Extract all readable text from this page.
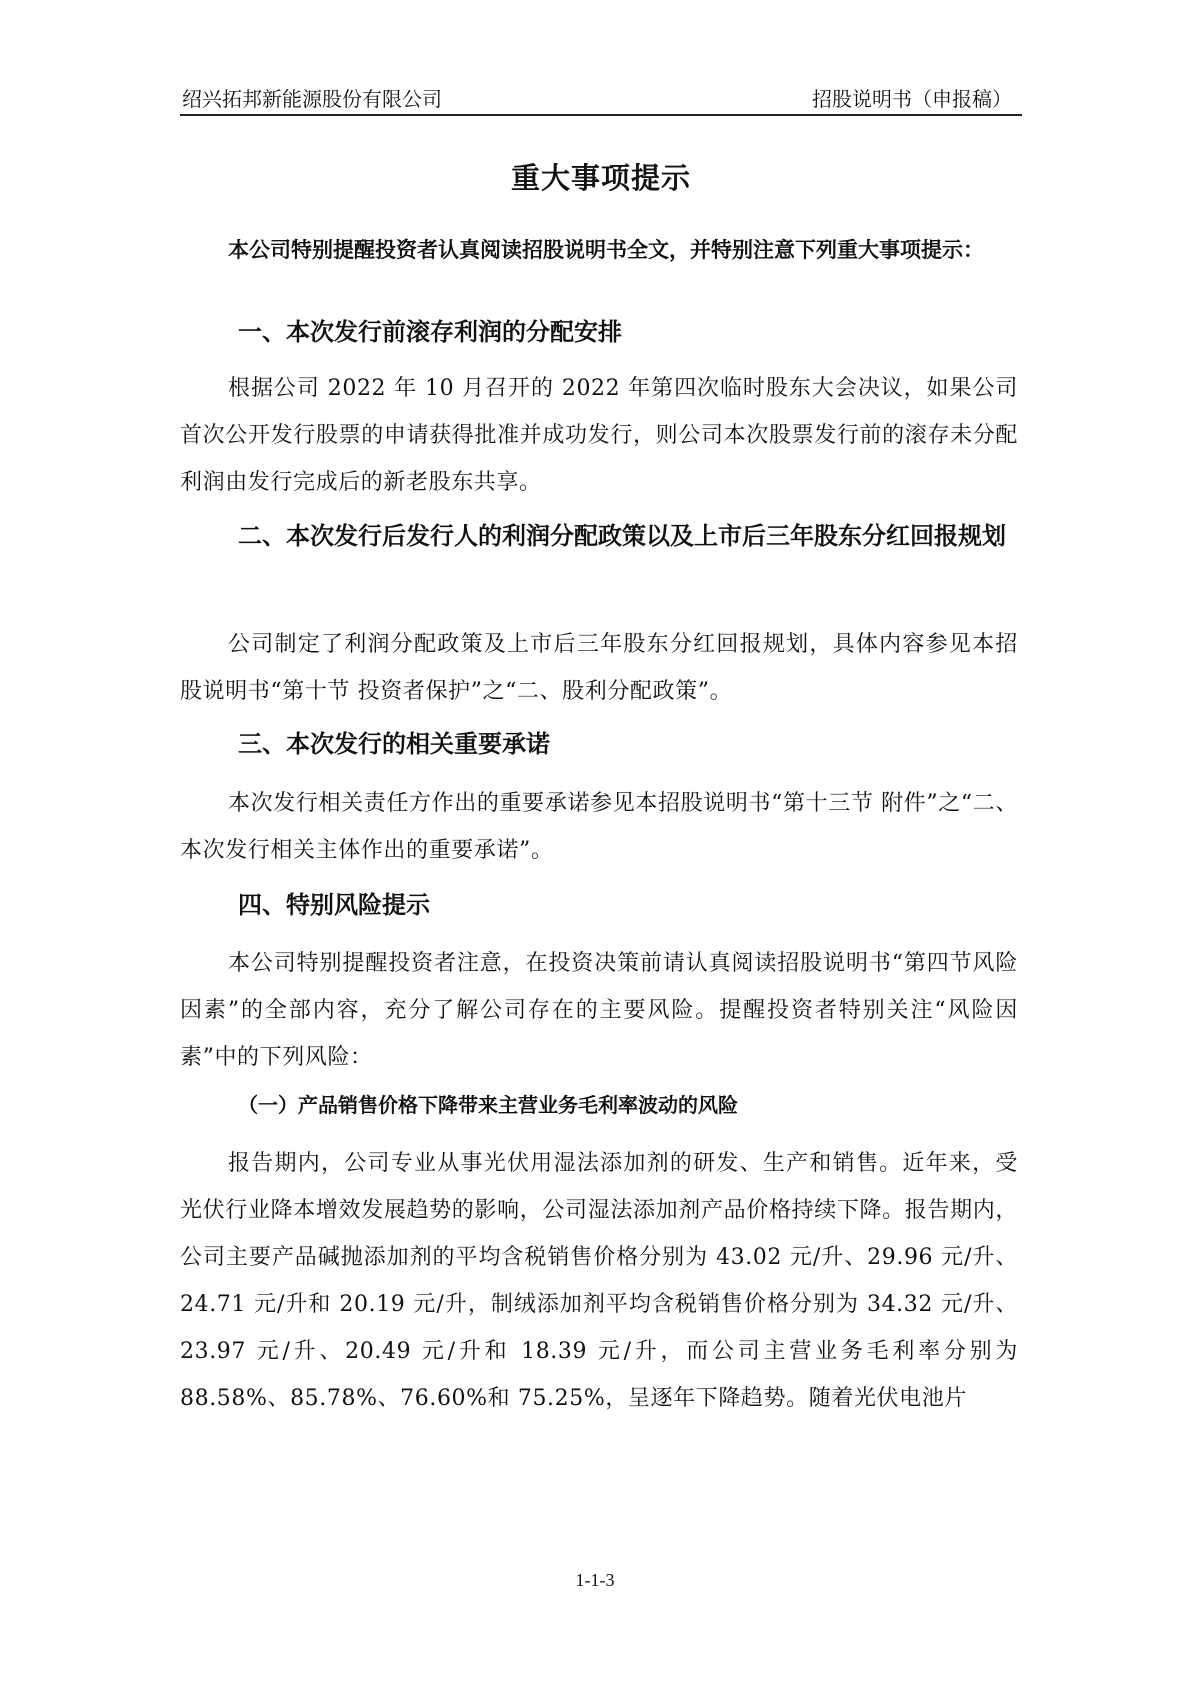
绍兴拓邦新能源股份有限公司	招股说明书（申报稿）
重大事项提示
本公司特别提醒投资者认真阅读招股说明书全文，并特别注意下列重大事项提示：
一、本次发行前滚存利润的分配安排
根据公司 2022 年 10 月召开的 2022 年第四次临时股东大会决议，如果公司首次公开发行股票的申请获得批准并成功发行，则公司本次股票发行前的滚存未分配利润由发行完成后的新老股东共享。
二、本次发行后发行人的利润分配政策以及上市后三年股东分红回报规划
公司制定了利润分配政策及上市后三年股东分红回报规划，具体内容参见本招股说明书“第十节 投资者保护”之“二、股利分配政策”。
三、本次发行的相关重要承诺
本次发行相关责任方作出的重要承诺参见本招股说明书“第十三节 附件”之“二、本次发行相关主体作出的重要承诺”。
四、特别风险提示
本公司特别提醒投资者注意，在投资决策前请认真阅读招股说明书“第四节风险因素”的全部内容，充分了解公司存在的主要风险。提醒投资者特别关注“风险因素”中的下列风险：
（一）产品销售价格下降带来主营业务毛利率波动的风险
报告期内，公司专业从事光伏用湿法添加剂的研发、生产和销售。近年来，受光伏行业降本增效发展趋势的影响，公司湿法添加剂产品价格持续下降。报告期内，公司主要产品碱抛添加剂的平均含税销售价格分别为 43.02 元/升、29.96 元/升、24.71 元/升和 20.19 元/升，制绒添加剂平均含税销售价格分别为 34.32 元/升、23.97 元/升、20.49 元/升和 18.39 元/升，而公司主营业务毛利率分别为 88.58%、85.78%、76.60%和 75.25%，呈逐年下降趋势。随着光伏电池片
1-1-3
